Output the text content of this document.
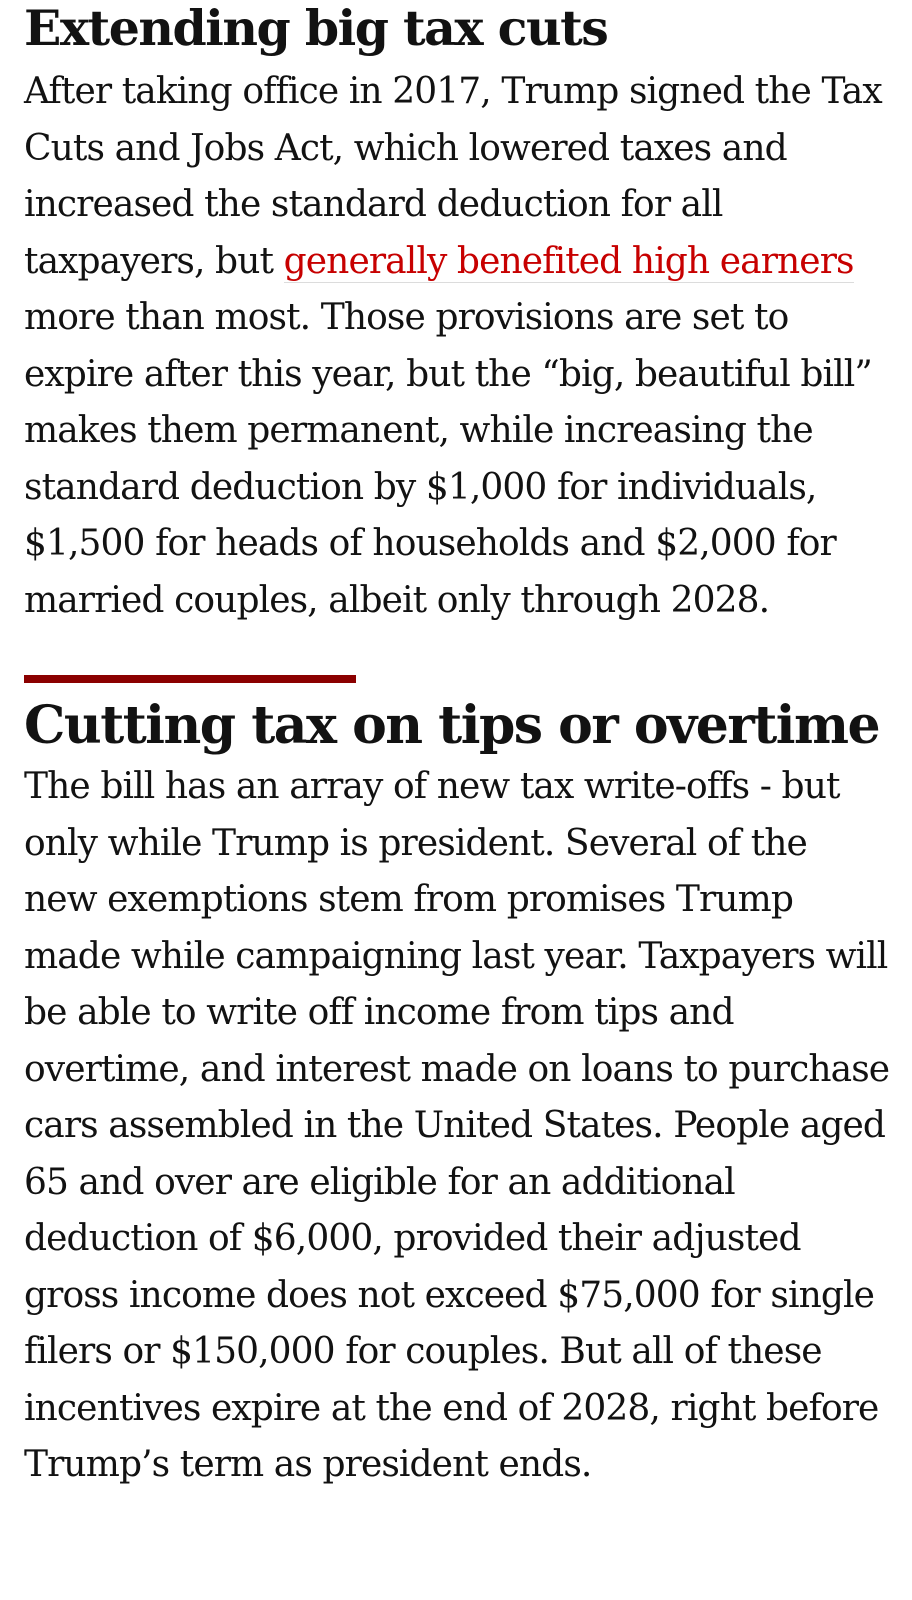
Extending big tax cuts

After taking office in 2017, Trump signed the Tax Cuts and Jobs Act, which lowered taxes and increased the standard deduction for all taxpayers, but generally benefited high earners more than most. Those provisions are set to expire after this year, but the “big, beautiful bill” makes them permanent, while increasing the standard deduction by $1,000 for individuals, $1,500 for heads of households and $2,000 for married couples, albeit only through 2028.

Cutting tax on tips or overtime

The bill has an array of new tax write-offs - but only while Trump is president. Several of the new exemptions stem from promises Trump made while campaigning last year. Taxpayers will be able to write off income from tips and overtime, and interest made on loans to purchase cars assembled in the United States. People aged 65 and over are eligible for an additional deduction of $6,000, provided their adjusted gross income does not exceed $75,000 for single filers or $150,000 for couples. But all of these incentives expire at the end of 2028, right before Trump’s term as president ends.
